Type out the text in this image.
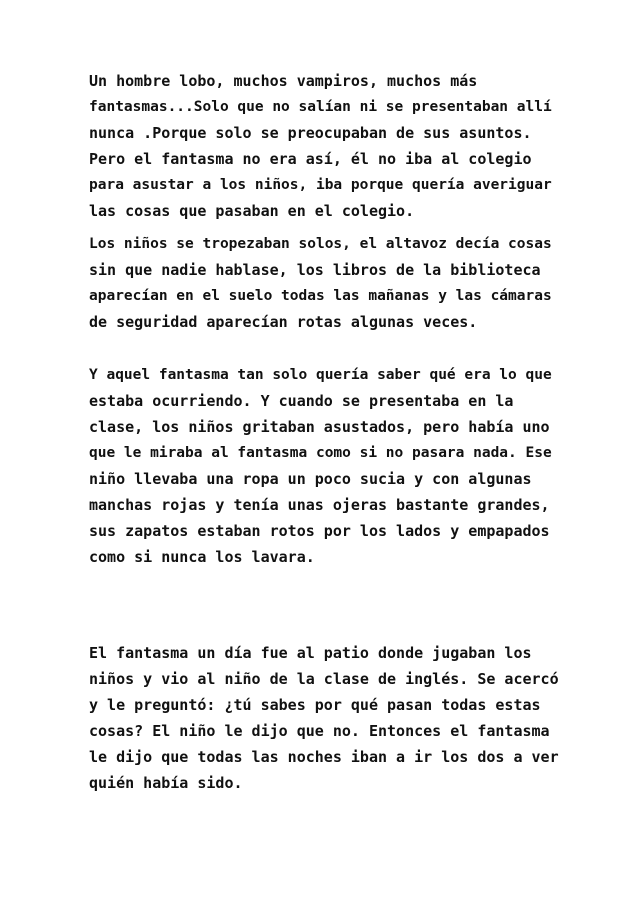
Un hombre lobo, muchos vampiros, muchos más
fantasmas...Solo que no salían ni se presentaban allí
nunca .Porque solo se preocupaban de sus asuntos.
Pero el fantasma no era así, él no iba al colegio
para asustar a los niños, iba porque quería averiguar
las cosas que pasaban en el colegio.
Los niños se tropezaban solos, el altavoz decía cosas
sin que nadie hablase, los libros de la biblioteca
aparecían en el suelo todas las mañanas y las cámaras
de seguridad aparecían rotas algunas veces.
Y aquel fantasma tan solo quería saber qué era lo que
estaba ocurriendo. Y cuando se presentaba en la
clase, los niños gritaban asustados, pero había uno
que le miraba al fantasma como si no pasara nada. Ese
niño llevaba una ropa un poco sucia y con algunas
manchas rojas y tenía unas ojeras bastante grandes,
sus zapatos estaban rotos por los lados y empapados
como si nunca los lavara.
El fantasma un día fue al patio donde jugaban los
niños y vio al niño de la clase de inglés. Se acercó
y le preguntó: ¿tú sabes por qué pasan todas estas
cosas? El niño le dijo que no. Entonces el fantasma
le dijo que todas las noches iban a ir los dos a ver
quién había sido.
